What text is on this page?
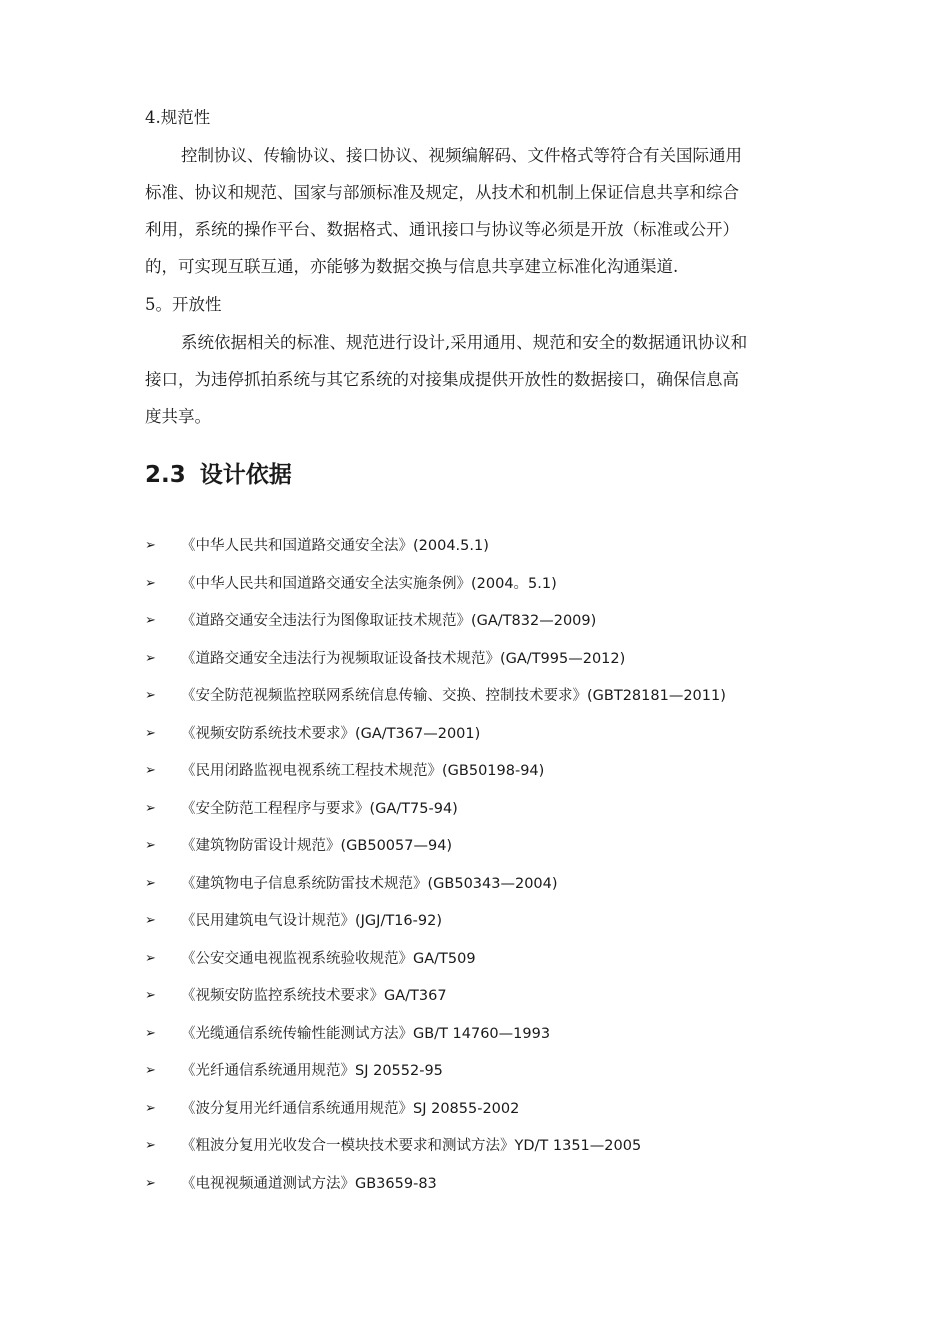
4.规范性
控制协议、传输协议、接口协议、视频编解码、文件格式等符合有关国际通用
标准、协议和规范、国家与部颁标准及规定，从技术和机制上保证信息共享和综合
利用，系统的操作平台、数据格式、通讯接口与协议等必须是开放（标准或公开）
的，可实现互联互通，亦能够为数据交换与信息共享建立标准化沟通渠道.
5。开放性
系统依据相关的标准、规范进行设计,采用通用、规范和安全的数据通讯协议和
接口，为违停抓拍系统与其它系统的对接集成提供开放性的数据接口，确保信息高
度共享。
2.3 设计依据
➢	《中华人民共和国道路交通安全法》(2004.5.1)
➢	《中华人民共和国道路交通安全法实施条例》(2004。5.1)
➢	《道路交通安全违法行为图像取证技术规范》(GA/T832—2009)
➢	《道路交通安全违法行为视频取证设备技术规范》(GA/T995—2012)
➢	《安全防范视频监控联网系统信息传输、交换、控制技术要求》(GBT28181—2011)
➢	《视频安防系统技术要求》(GA/T367—2001)
➢	《民用闭路监视电视系统工程技术规范》(GB50198-94)
➢	《安全防范工程程序与要求》(GA/T75-94)
➢	《建筑物防雷设计规范》(GB50057—94)
➢	《建筑物电子信息系统防雷技术规范》(GB50343—2004)
➢	《民用建筑电气设计规范》(JGJ/T16-92)
➢	《公安交通电视监视系统验收规范》GA/T509
➢	《视频安防监控系统技术要求》GA/T367
➢	《光缆通信系统传输性能测试方法》GB/T 14760—1993
➢	《光纤通信系统通用规范》SJ 20552-95
➢	《波分复用光纤通信系统通用规范》SJ 20855-2002
➢	《粗波分复用光收发合一模块技术要求和测试方法》YD/T 1351—2005
➢	《电视视频通道测试方法》GB3659-83
